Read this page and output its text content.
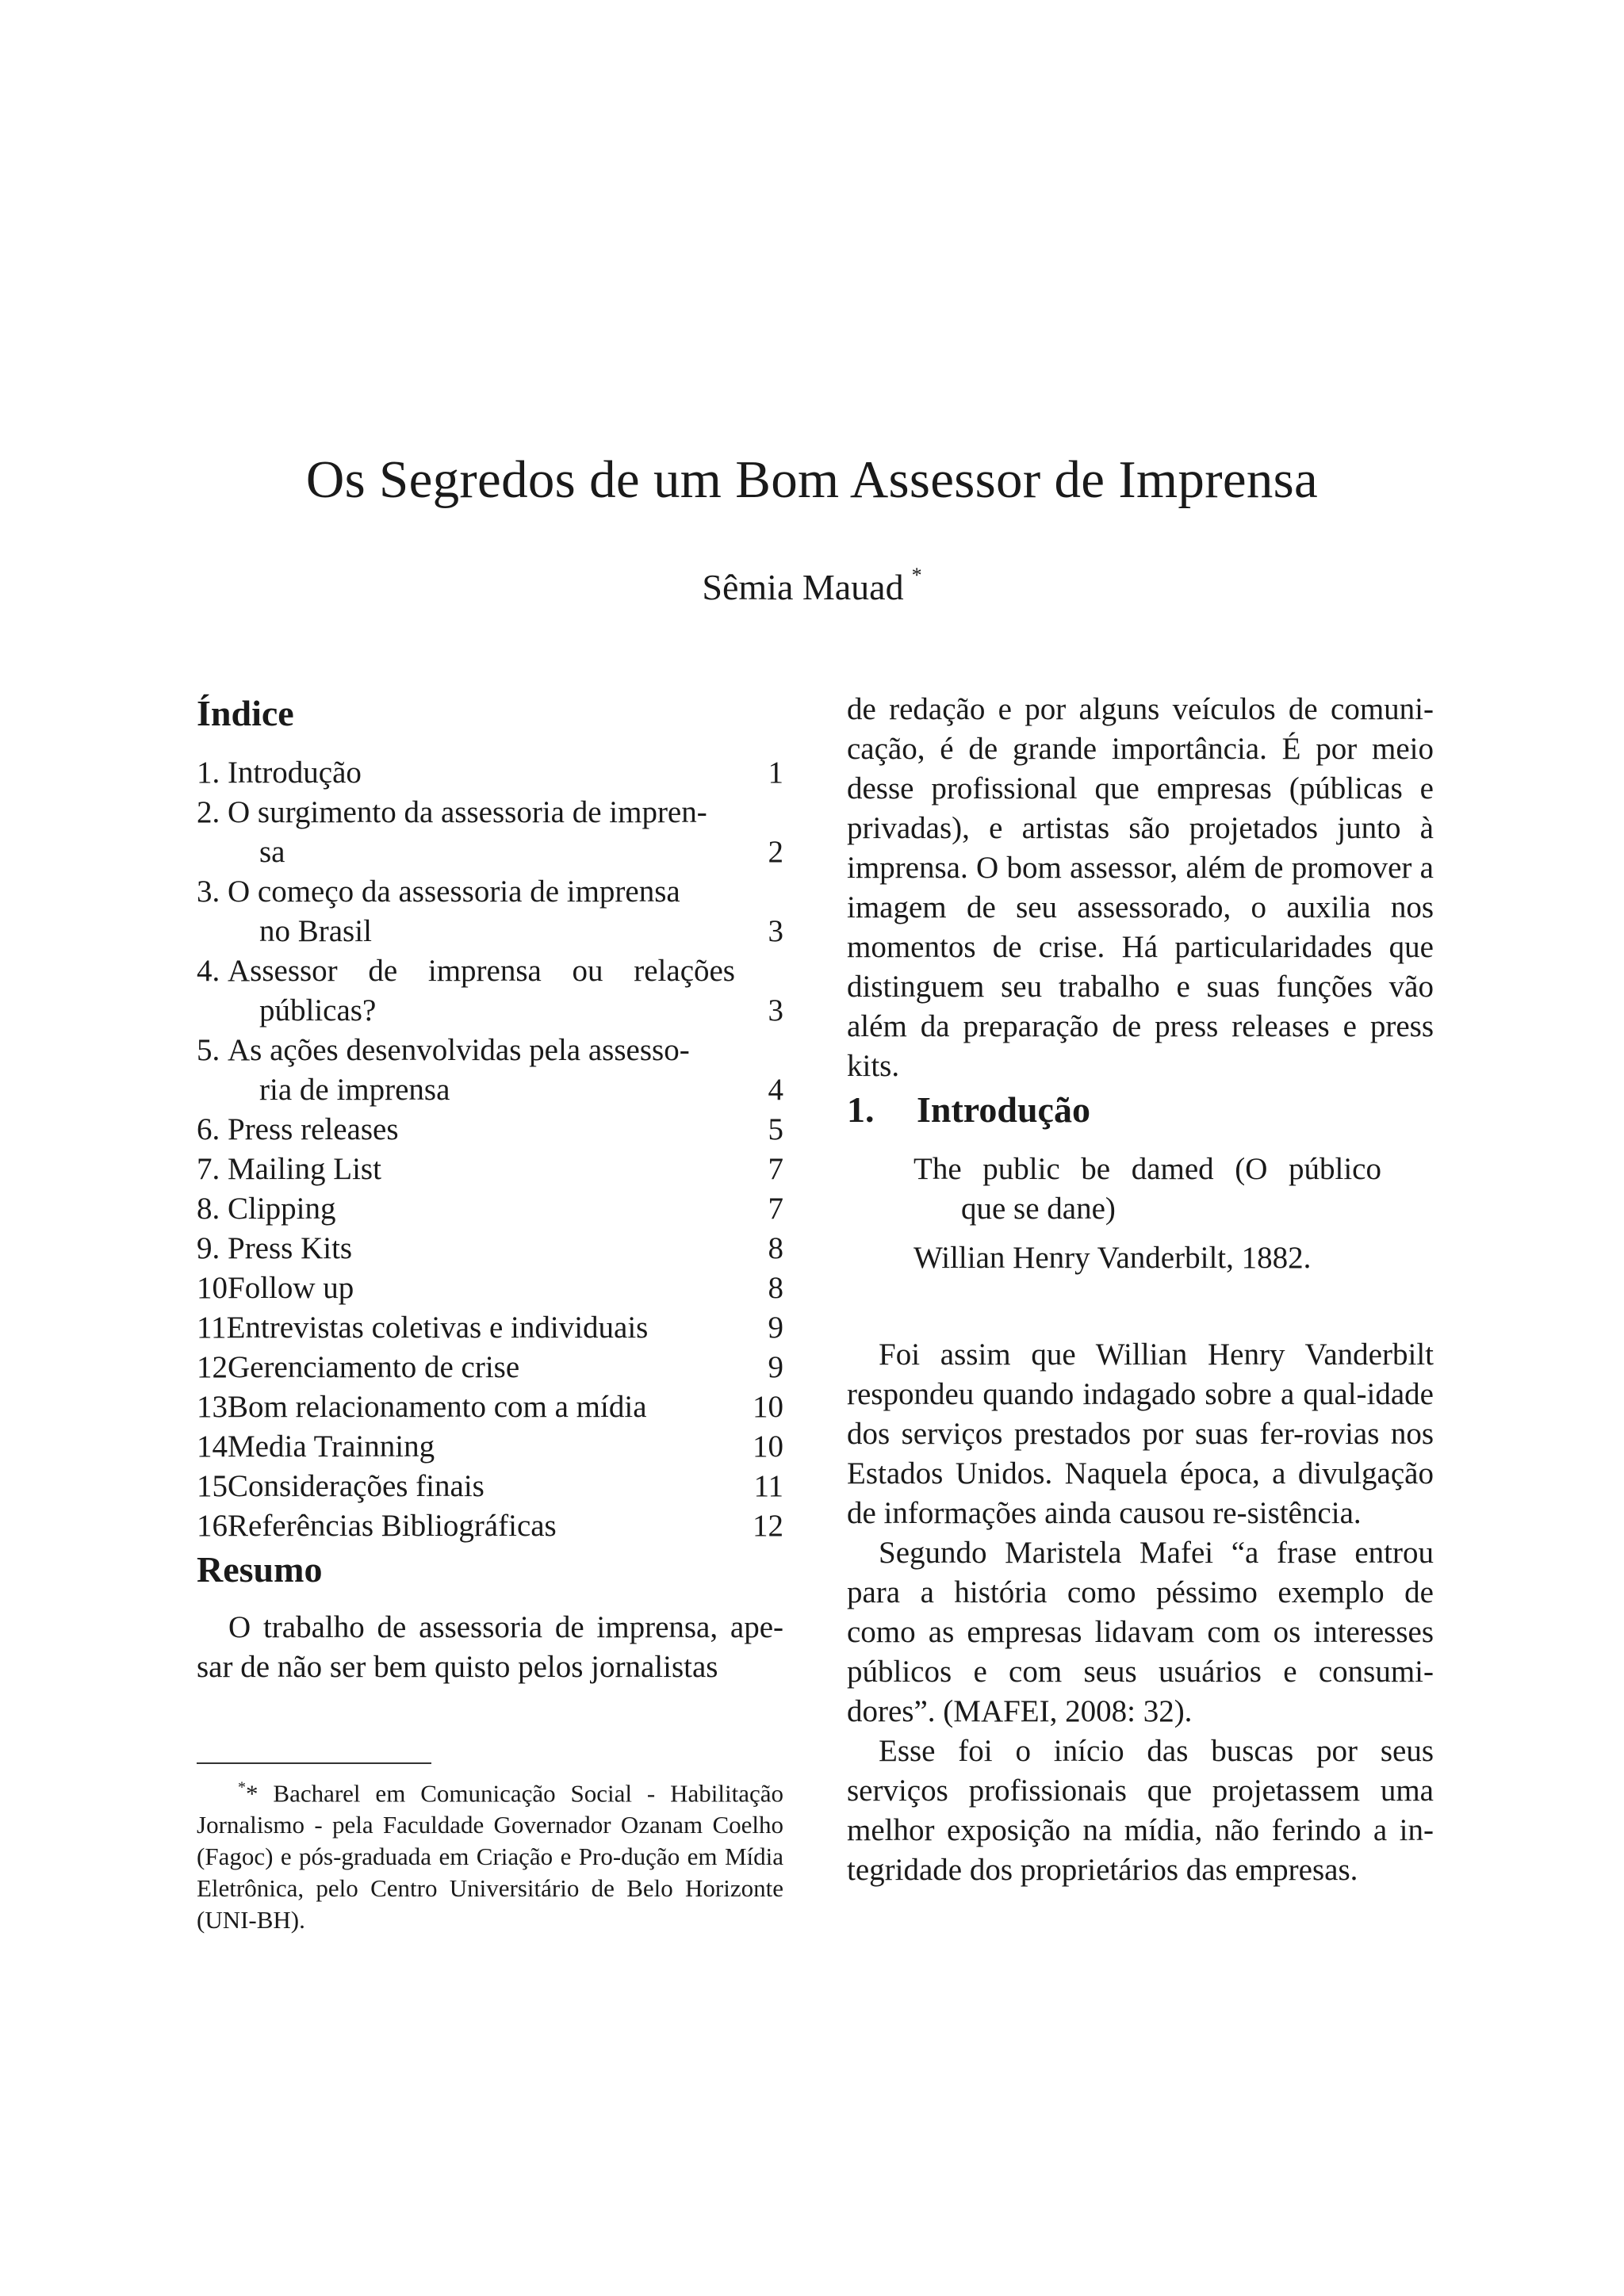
Os Segredos de um Bom Assessor de Imprensa
Sêmia Mauad *
Índice
1. Introdução	1
2. O surgimento da assessoria de impren-
sa	2
3. O começo da assessoria de imprensa
no Brasil	3
4. Assessor de imprensa ou relações
públicas?	3
5. As ações desenvolvidas pela assesso-
ria de imprensa	4
6. Press releases	5
7. Mailing List	7
8. Clipping	7
9. Press Kits	8
10 Follow up	8
11 Entrevistas coletivas e individuais	9
12 Gerenciamento de crise	9
13 Bom relacionamento com a mídia	10
14 Media Trainning	10
15 Considerações finais	11
16 Referências Bibliográficas	12
Resumo

O trabalho de assessoria de imprensa, ape-sar de não ser bem quisto pelos jornalistas

** Bacharel em Comunicação Social - Habilitação Jornalismo - pela Faculdade Governador Ozanam Coelho (Fagoc) e pós-graduada em Criação e Pro-dução em Mídia Eletrônica, pelo Centro Universitário de Belo Horizonte (UNI-BH).

de redação e por alguns veículos de comuni-cação, é de grande importância. É por meio desse profissional que empresas (públicas e privadas), e artistas são projetados junto à imprensa. O bom assessor, além de promover a imagem de seu assessorado, o auxilia nos momentos de crise. Há particularidades que distinguem seu trabalho e suas funções vão além da preparação de press releases e press kits.

1.	Introdução
The public be damed (O público
que se dane)
Willian Henry Vanderbilt, 1882.

Foi assim que Willian Henry Vanderbilt respondeu quando indagado sobre a qual-idade dos serviços prestados por suas fer-rovias nos Estados Unidos. Naquela época, a divulgação de informações ainda causou re-sistência.

Segundo Maristela Mafei “a frase entrou para a história como péssimo exemplo de como as empresas lidavam com os interesses públicos e com seus usuários e consumi-dores”. (MAFEI, 2008: 32).

Esse foi o início das buscas por seus serviços profissionais que projetassem uma melhor exposição na mídia, não ferindo a in-tegridade dos proprietários das empresas.
